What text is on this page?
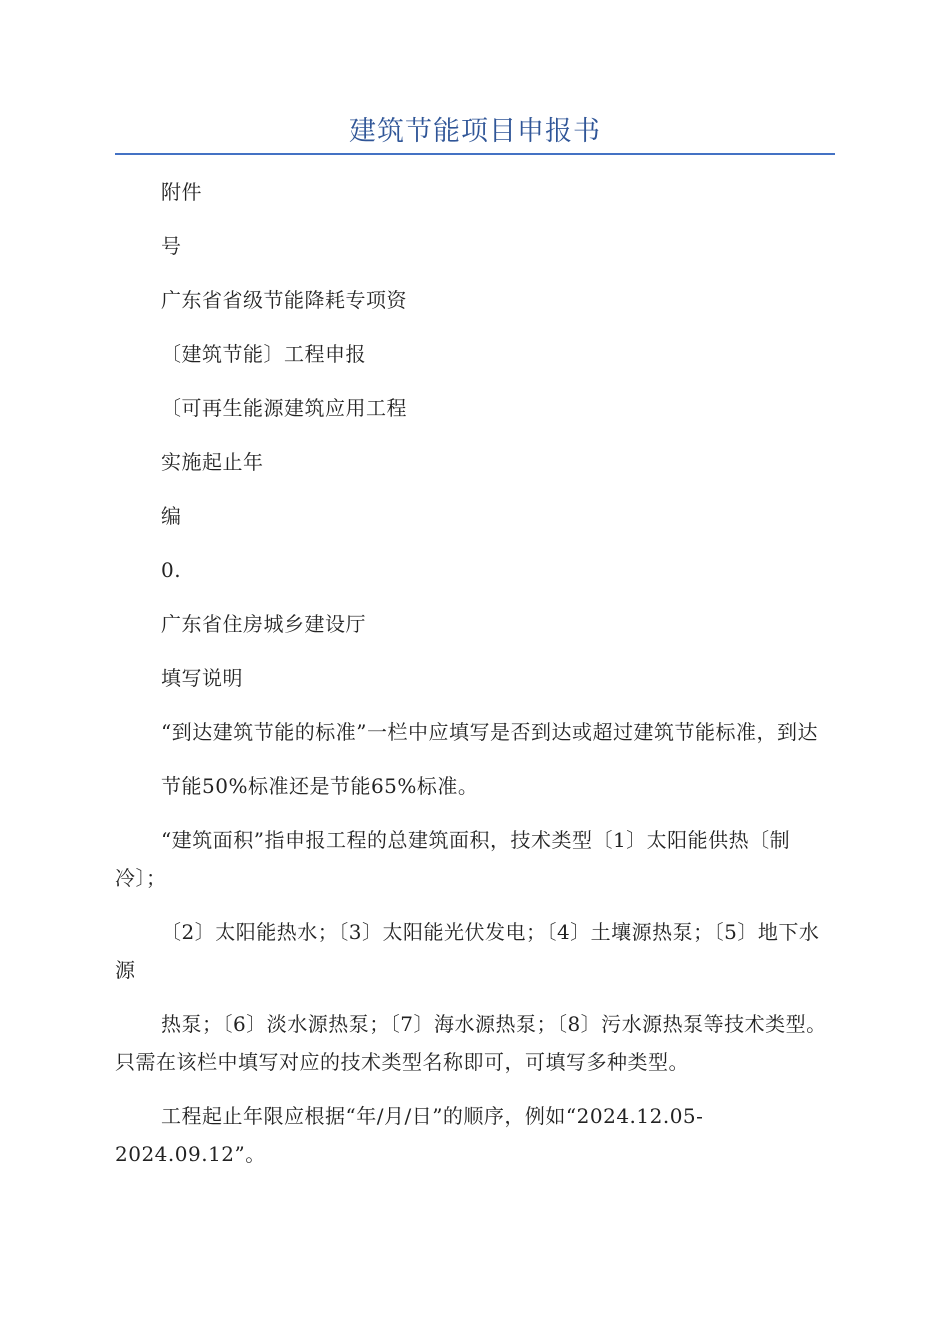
建筑节能项目申报书

附件

号

广东省省级节能降耗专项资

〔建筑节能〕工程申报

〔可再生能源建筑应用工程

实施起止年

编

0.

广东省住房城乡建设厅

填写说明

“到达建筑节能的标准”一栏中应填写是否到达或超过建筑节能标准，到达

节能50%标准还是节能65%标准。

“建筑面积”指申报工程的总建筑面积，技术类型〔1〕太阳能供热〔制冷〕；

〔2〕太阳能热水；〔3〕太阳能光伏发电；〔4〕土壤源热泵；〔5〕地下水源

热泵；〔6〕淡水源热泵；〔7〕海水源热泵；〔8〕污水源热泵等技术类型。只需在该栏中填写对应的技术类型名称即可，可填写多种类型。

工程起止年限应根据“年/月/日”的顺序，例如“2024.12.05-2024.09.12”。
